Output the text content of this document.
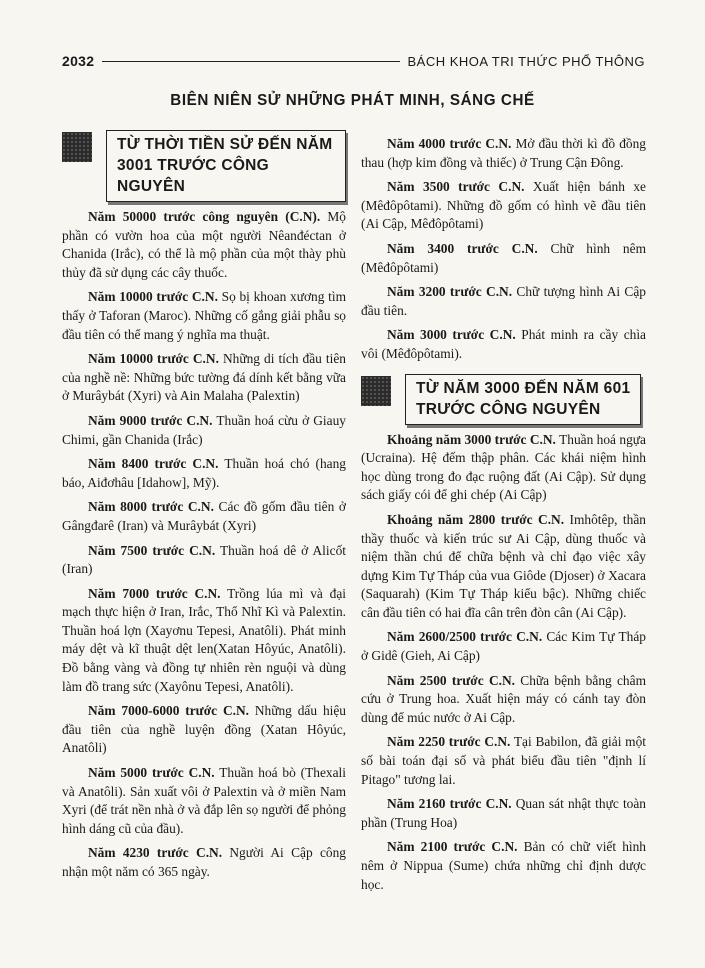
2032	BÁCH KHOA TRI THỨC PHỔ THÔNG
BIÊN NIÊN SỬ NHỮNG PHÁT MINH, SÁNG CHẾ
TỪ THỜI TIỀN SỬ ĐẾN NĂM
3001 TRƯỚC CÔNG NGUYÊN

Năm 50000 trước công nguyên (C.N). Mộ phần có vườn hoa của một người Nêanđéctan ở Chanida (Irắc), có thể là mộ phần của một thày phù thủy đã sử dụng các cây thuốc.

Năm 10000 trước C.N. Sọ bị khoan xương tìm thấy ở Taforan (Maroc). Những cố gắng giải phẫu sọ đầu tiên có thể mang ý nghĩa ma thuật.

Năm 10000 trước C.N. Những di tích đầu tiên của nghề nề: Những bức tường đá dính kết bằng vữa ở Murâybát (Xyri) và Ain Malaha (Palextin)

Năm 9000 trước C.N. Thuần hoá cừu ở Giauy Chimi, gần Chanida (Irắc)

Năm 8400 trước C.N. Thuần hoá chó (hang báo, Aiđơhâu [Idahow], Mỹ).

Năm 8000 trước C.N. Các đồ gốm đầu tiên ở Gângđarê (Iran) và Murâybát (Xyri)

Năm 7500 trước C.N. Thuần hoá dê ở Alicốt (Iran)

Năm 7000 trước C.N. Trồng lúa mì và đại mạch thực hiện ở Iran, Irắc, Thổ Nhĩ Kì và Palextin. Thuần hoá lợn (Xayơnu Tepesi, Anatôli). Phát minh máy dệt và kĩ thuật dệt len(Xatan Hôyúc, Anatôli). Đồ bằng vàng và đồng tự nhiên rèn nguội và dùng làm đồ trang sức (Xayônu Tepesi, Anatôli).

Năm 7000-6000 trước C.N. Những dấu hiệu đầu tiên của nghề luyện đồng (Xatan Hôyúc, Anatôli)

Năm 5000 trước C.N. Thuần hoá bò (Thexali và Anatôli). Sản xuất vôi ở Palextin và ở miền Nam Xyri (để trát nền nhà ở và đắp lên sọ người để phỏng hình dáng cũ của đầu).

Năm 4230 trước C.N. Người Ai Cập công nhận một năm có 365 ngày.

Năm 4000 trước C.N. Mở đầu thời kì đồ đồng thau (hợp kim đồng và thiếc) ở Trung Cận Đông.

Năm 3500 trước C.N. Xuất hiện bánh xe (Mêđôpôtami). Những đồ gốm có hình vẽ đầu tiên (Ai Cập, Mêđôpôtami)

Năm 3400 trước C.N. Chữ hình nêm (Mêđôpôtami)

Năm 3200 trước C.N. Chữ tượng hình Ai Cập đầu tiên.

Năm 3000 trước C.N. Phát minh ra cầy chìa vôi (Mêđôpôtami).

TỪ NĂM 3000 ĐẾN NĂM 601
TRƯỚC CÔNG NGUYÊN

Khoảng năm 3000 trước C.N. Thuần hoá ngựa (Ucraina). Hệ đếm thập phân. Các khái niệm hình học dùng trong đo đạc ruộng đất (Ai Cập). Sử dụng sách giấy cói để ghi chép (Ai Cập)

Khoảng năm 2800 trước C.N. Imhôtêp, thần thầy thuốc và kiến trúc sư Ai Cập, dùng thuốc và niệm thần chú để chữa bệnh và chỉ đạo việc xây dựng Kim Tự Tháp của vua Giôde (Djoser) ở Xacara (Saquarah) (Kim Tự Tháp kiểu bậc). Những chiếc cân đầu tiên có hai đĩa cân trên đòn cân (Ai Cập).

Năm 2600/2500 trước C.N. Các Kim Tự Tháp ở Gidê (Gieh, Ai Cập)

Năm 2500 trước C.N. Chữa bệnh bằng châm cứu ở Trung hoa. Xuất hiện máy có cánh tay đòn dùng để múc nước ở Ai Cập.

Năm 2250 trước C.N. Tại Babilon, đã giải một số bài toán đại số và phát biểu đầu tiên "định lí Pitago" tương lai.

Năm 2160 trước C.N. Quan sát nhật thực toàn phần (Trung Hoa)

Năm 2100 trước C.N. Bản có chữ viết hình nêm ở Nippua (Sume) chứa những chỉ định dược học.
